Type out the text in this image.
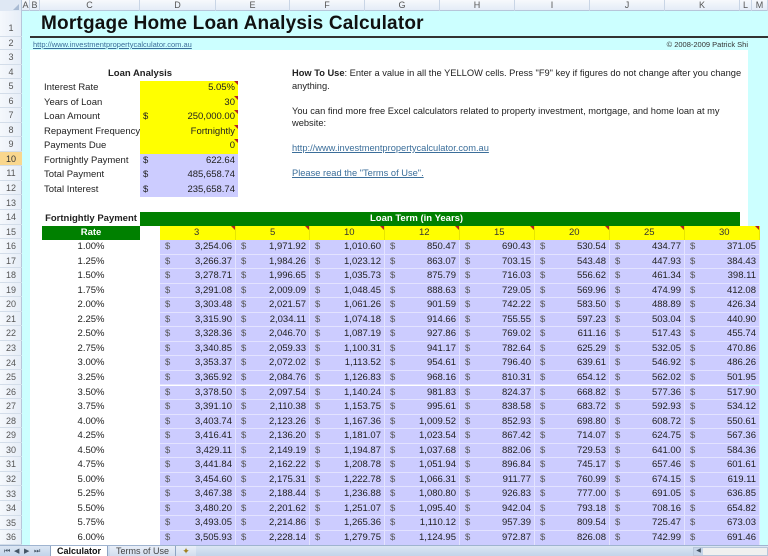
A B	C	D	E	F	G	H	I	J	K	L M
1
2
3
4
5
6
7
8
9
10
11
12
13
14
15
16
17
18
19
20
21
22
23
24
25
26
27
28
29
30
31
32
33
34
35
36
Mortgage Home Loan Analysis Calculator
http://www.investmentpropertycalculator.com.au	© 2008-2009 Patrick Shi
Loan Analysis
Interest Rate	5.05%
Years of Loan	30
Loan Amount	$	250,000.00
Repayment Frequency	Fortnightly
Payments Due	0
Fortnightly Payment $	622.64
Total Payment	$	485,658.74
Total Interest	$	235,658.74

How To Use: Enter a value in all the YELLOW cells. Press "F9" key if figures do not change after you change anything.

You can find more free Excel calculators related to property investment, mortgage, and home loan at my website:

http://www.investmentpropertycalculator.com.au

Please read the "Terms of Use".

Fortnightly Payment	Loan Term (in Years)
Rate	3	5	10	12	15	20	25	30
1.00%	$	3,254.06 $ 1,971.92 $ 1,010.60 $	850.47 $	690.43 $	530.54 $	434.77 $	371.05
1.25%	$	3,266.37 $ 1,984.26 $ 1,023.12 $	863.07 $	703.15 $	543.48 $	447.93 $	384.43
1.50%	$	3,278.71 $ 1,996.65 $ 1,035.73 $	875.79 $	716.03 $	556.62 $	461.34 $	398.11
1.75%	$	3,291.08 $ 2,009.09 $ 1,048.45 $	888.63 $	729.05 $	569.96 $	474.99 $	412.08
2.00%	$	3,303.48 $ 2,021.57 $ 1,061.26 $	901.59 $	742.22 $	583.50 $	488.89 $	426.34
2.25%	$	3,315.90 $ 2,034.11 $ 1,074.18 $	914.66 $	755.55 $	597.23 $	503.04 $	440.90
2.50%	$	3,328.36 $ 2,046.70 $ 1,087.19 $	927.86 $	769.02 $	611.16 $	517.43 $	455.74
2.75%	$	3,340.85 $ 2,059.33 $ 1,100.31 $	941.17 $	782.64 $	625.29 $	532.05 $	470.86
3.00%	$	3,353.37 $ 2,072.02 $	1,113.52 $	954.61 $	796.40 $	639.61 $	546.92 $	486.26
3.25%	$	3,365.92 $ 2,084.76 $ 1,126.83 $	968.16 $	810.31 $	654.12 $	562.02 $	501.95
3.50%	$	3,378.50 $ 2,097.54 $ 1,140.24 $	981.83 $	824.37 $	668.82 $	577.36 $	517.90
3.75%	$	3,391.10 $ 2,110.38 $ 1,153.75 $	995.61 $	838.58 $	683.72 $	592.93 $	534.12
4.00%	$	3,403.74 $ 2,123.26 $ 1,167.36 $ 1,009.52 $	852.93 $	698.80 $	608.72 $	550.61
4.25%	$	3,416.41 $ 2,136.20 $ 1,181.07 $ 1,023.54 $	867.42 $	714.07 $	624.75 $	567.36
4.50%	$	3,429.11 $ 2,149.19 $ 1,194.87 $ 1,037.68 $	882.06 $	729.53 $	641.00 $	584.36
4.75%	$	3,441.84 $ 2,162.22 $ 1,208.78 $ 1,051.94 $	896.84 $	745.17 $	657.46 $	601.61
5.00%	$	3,454.60 $ 2,175.31 $ 1,222.78 $ 1,066.31 $	911.77 $	760.99 $	674.15 $	619.11
5.25%	$	3,467.38 $ 2,188.44 $ 1,236.88 $ 1,080.80 $	926.83 $	777.00 $	691.05 $	636.85
5.50%	$	3,480.20 $ 2,201.62 $ 1,251.07 $ 1,095.40 $	942.04 $	793.18 $	708.16 $	654.82
5.75%	$	3,493.05 $ 2,214.86 $ 1,265.36 $	1,110.12 $	957.39 $	809.54 $	725.47 $	673.03
6.00%	$	3,505.93 $ 2,228.14 $ 1,279.75 $ 1,124.95 $	972.87 $	826.08 $	742.99 $	691.46
⏮ ◀ ▶ ⏭	Calculator	Terms of Use	✦	◀
